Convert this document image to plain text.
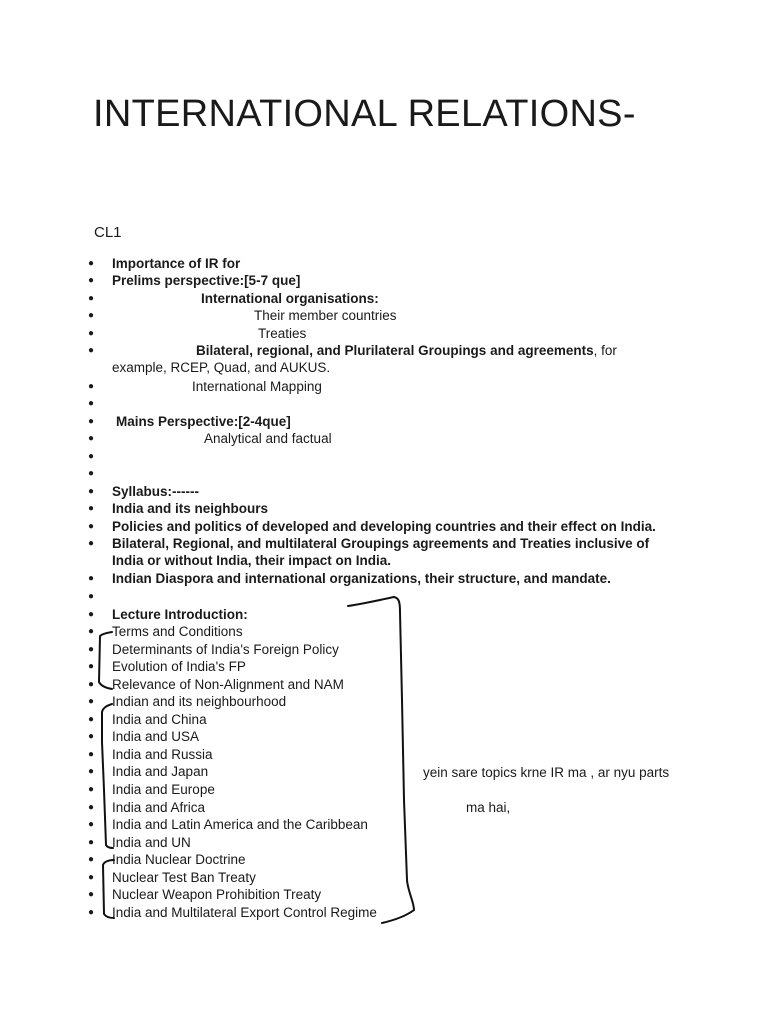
INTERNATIONAL RELATIONS-
CL1
● Importance of IR for
● Prelims perspective:[5-7 que]
●	International organisations:
●	Their member countries
●	Treaties
●	Bilateral, regional, and Plurilateral Groupings and agreements, for
●	International Mapping
●
● Mains Perspective:[2-4que]
●	Analytical and factual
●
●
● Syllabus:------
● India and its neighbours
● Policies and politics of developed and developing countries and their effect on India.
● Bilateral, Regional, and multilateral Groupings agreements and Treaties inclusive of
● Indian Diaspora and international organizations, their structure, and mandate.
●
● Lecture Introduction:
● Terms and Conditions
● Determinants of India's Foreign Policy
● Evolution of India's FP
● Relevance of Non-Alignment and NAM
● Indian and its neighbourhood
● India and China
● India and USA
● India and Russia
● India and Japan
● India and Europe
● India and Africa
● India and Latin America and the Caribbean
● India and UN
● India Nuclear Doctrine
● Nuclear Test Ban Treaty
● Nuclear Weapon Prohibition Treaty
● India and Multilateral Export Control Regime
example, RCEP, Quad, and AUKUS.
India or without India, their impact on India.
yein sare topics krne IR ma , ar nyu parts
ma hai,
